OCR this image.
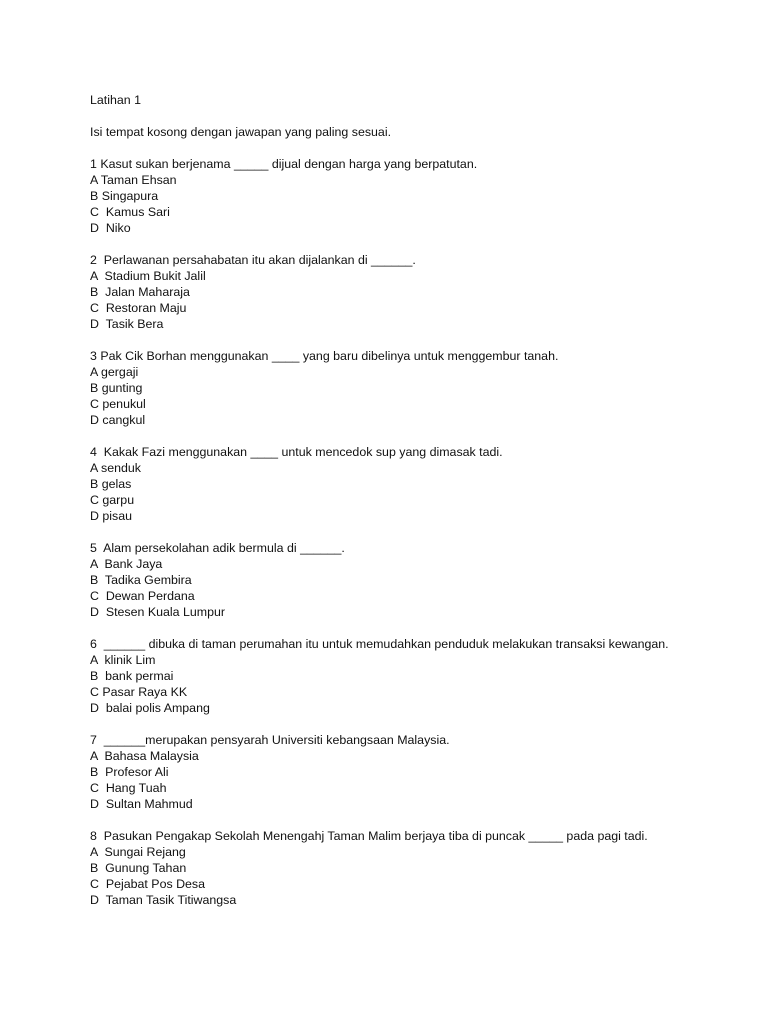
Latihan 1
Isi tempat kosong dengan jawapan yang paling sesuai.
1 Kasut sukan berjenama _____ dijual dengan harga yang berpatutan.
A Taman Ehsan
B Singapura
C  Kamus Sari
D  Niko
2  Perlawanan persahabatan itu akan dijalankan di ______.
A  Stadium Bukit Jalil
B  Jalan Maharaja
C  Restoran Maju
D  Tasik Bera
3 Pak Cik Borhan menggunakan ____ yang baru dibelinya untuk menggembur tanah.
A gergaji
B gunting
C penukul
D cangkul
4  Kakak Fazi menggunakan ____ untuk mencedok sup yang dimasak tadi.
A senduk
B gelas
C garpu
D pisau
5  Alam persekolahan adik bermula di ______.
A  Bank Jaya
B  Tadika Gembira
C  Dewan Perdana
D  Stesen Kuala Lumpur
6  ______ dibuka di taman perumahan itu untuk memudahkan penduduk melakukan transaksi kewangan.
A  klinik Lim
B  bank permai
C Pasar Raya KK
D  balai polis Ampang
7  ______merupakan pensyarah Universiti kebangsaan Malaysia.
A  Bahasa Malaysia
B  Profesor Ali
C  Hang Tuah
D  Sultan Mahmud
8  Pasukan Pengakap Sekolah Menengahj Taman Malim berjaya tiba di puncak _____ pada pagi tadi.
A  Sungai Rejang
B  Gunung Tahan
C  Pejabat Pos Desa
D  Taman Tasik Titiwangsa
